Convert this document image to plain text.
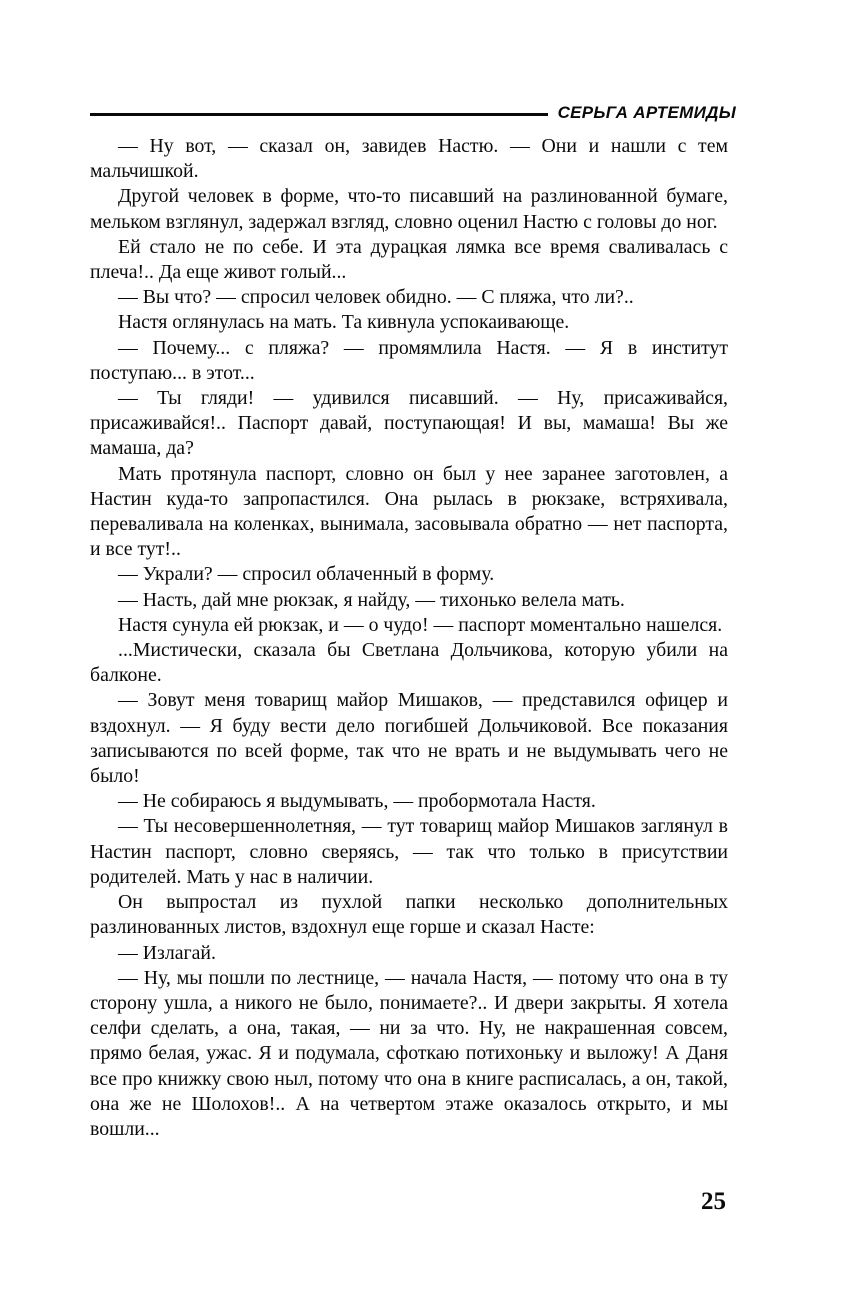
СЕРЬГА АРТЕМИДЫ

— Ну вот, — сказал он, завидев Настю. — Они и нашли с тем мальчишкой.

Другой человек в форме, что-то писавший на разлинованной бумаге, мельком взглянул, задержал взгляд, словно оценил Настю с головы до ног.

Ей стало не по себе. И эта дурацкая лямка все время сваливалась с плеча!.. Да еще живот голый...

— Вы что? — спросил человек обидно. — С пляжа, что ли?..

Настя оглянулась на мать. Та кивнула успокаивающе.

— Почему... с пляжа? — промямлила Настя. — Я в институт поступаю... в этот...

— Ты гляди! — удивился писавший. — Ну, присаживайся, присаживайся!.. Паспорт давай, поступающая! И вы, мамаша! Вы же мамаша, да?

Мать протянула паспорт, словно он был у нее заранее заготовлен, а Настин куда-то запропастился. Она рылась в рюкзаке, встряхивала, переваливала на коленках, вынимала, засовывала обратно — нет паспорта, и все тут!..

— Украли? — спросил облаченный в форму.

— Насть, дай мне рюкзак, я найду, — тихонько велела мать.

Настя сунула ей рюкзак, и — о чудо! — паспорт моментально нашелся.

...Мистически, сказала бы Светлана Дольчикова, которую убили на балконе.

— Зовут меня товарищ майор Мишаков, — представился офицер и вздохнул. — Я буду вести дело погибшей Дольчиковой. Все показания записываются по всей форме, так что не врать и не выдумывать чего не было!

— Не собираюсь я выдумывать, — пробормотала Настя.

— Ты несовершеннолетняя, — тут товарищ майор Мишаков заглянул в Настин паспорт, словно сверяясь, — так что только в присутствии родителей. Мать у нас в наличии.

Он выпростал из пухлой папки несколько дополнительных разлинованных листов, вздохнул еще горше и сказал Насте:

— Излагай.

— Ну, мы пошли по лестнице, — начала Настя, — потому что она в ту сторону ушла, а никого не было, понимаете?.. И двери закрыты. Я хотела селфи сделать, а она, такая, — ни за что. Ну, не накрашенная совсем, прямо белая, ужас. Я и подумала, сфоткаю потихоньку и выложу! А Даня все про книжку свою ныл, потому что она в книге расписалась, а он, такой, она же не Шолохов!.. А на четвертом этаже оказалось открыто, и мы вошли...

25
